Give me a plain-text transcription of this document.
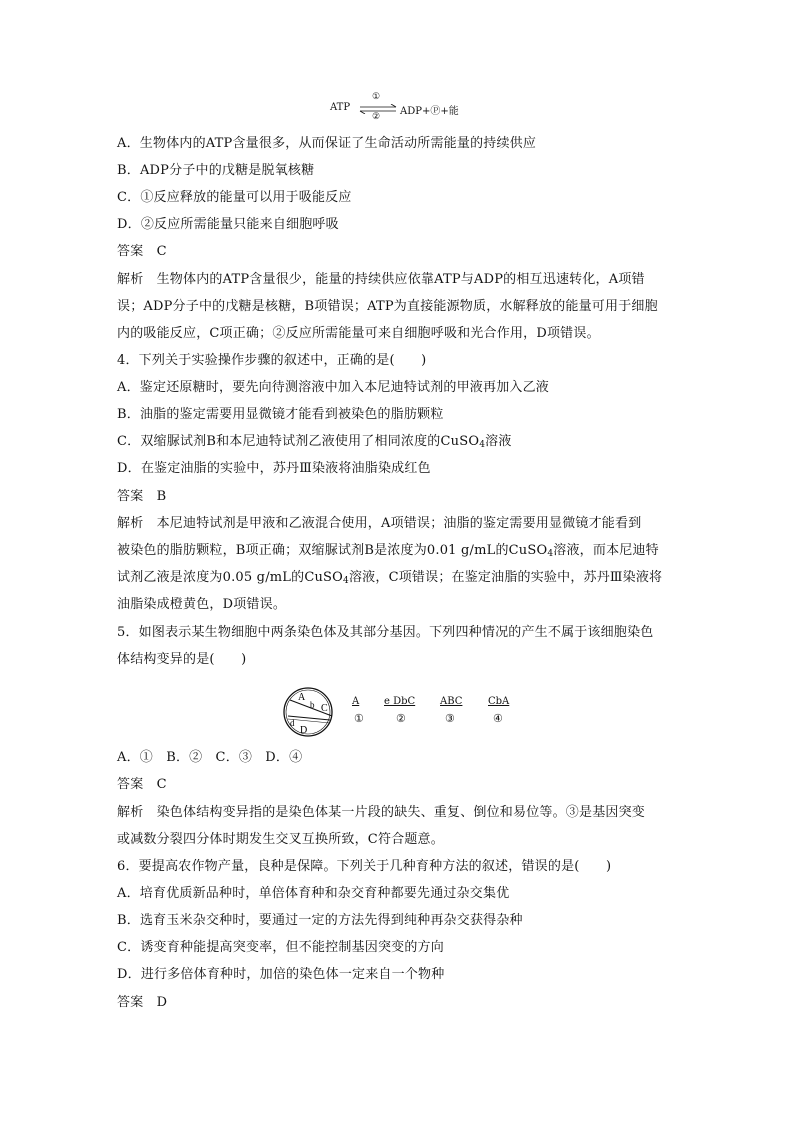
ATP
①
② ADP+Ⓟ+能
A．生物体内的ATP含量很多，从而保证了生命活动所需能量的持续供应
B．ADP分子中的戊糖是脱氧核糖
C．①反应释放的能量可以用于吸能反应
D．②反应所需能量只能来自细胞呼吸
答案　C
解析　生物体内的ATP含量很少，能量的持续供应依靠ATP与ADP的相互迅速转化，A项错
误；ADP分子中的戊糖是核糖，B项错误；ATP为直接能源物质，水解释放的能量可用于细胞
内的吸能反应，C项正确；②反应所需能量可来自细胞呼吸和光合作用，D项错误。
4．下列关于实验操作步骤的叙述中，正确的是(　　)
A．鉴定还原糖时，要先向待测溶液中加入本尼迪特试剂的甲液再加入乙液
B．油脂的鉴定需要用显微镜才能看到被染色的脂肪颗粒
C．双缩脲试剂B和本尼迪特试剂乙液使用了相同浓度的CuSO$_4$溶液
D．在鉴定油脂的实验中，苏丹Ⅲ染液将油脂染成红色
答案　B
解析　本尼迪特试剂是甲液和乙液混合使用，A项错误；油脂的鉴定需要用显微镜才能看到
被染色的脂肪颗粒，B项正确；双缩脲试剂B是浓度为0.01 g/mL的CuSO$_4$溶液，而本尼迪特
试剂乙液是浓度为0.05 g/mL的CuSO$_4$溶液，C项错误；在鉴定油脂的实验中，苏丹Ⅲ染液将
油脂染成橙黄色，D项错误。
5．如图表示某生物细胞中两条染色体及其部分基因。下列四种情况的产生不属于该细胞染色
体结构变异的是(　　)
A
b C
d
D
A
①
e DbC
②
ABC
③
CbA
④
A．①　B．②　C．③　D．④
答案　C
解析　染色体结构变异指的是染色体某一片段的缺失、重复、倒位和易位等。③是基因突变
或减数分裂四分体时期发生交叉互换所致，C符合题意。
6．要提高农作物产量，良种是保障。下列关于几种育种方法的叙述，错误的是(　　)
A．培育优质新品种时，单倍体育种和杂交育种都要先通过杂交集优
B．选育玉米杂交种时，要通过一定的方法先得到纯种再杂交获得杂种
C．诱变育种能提高突变率，但不能控制基因突变的方向
D．进行多倍体育种时，加倍的染色体一定来自一个物种
答案　D
